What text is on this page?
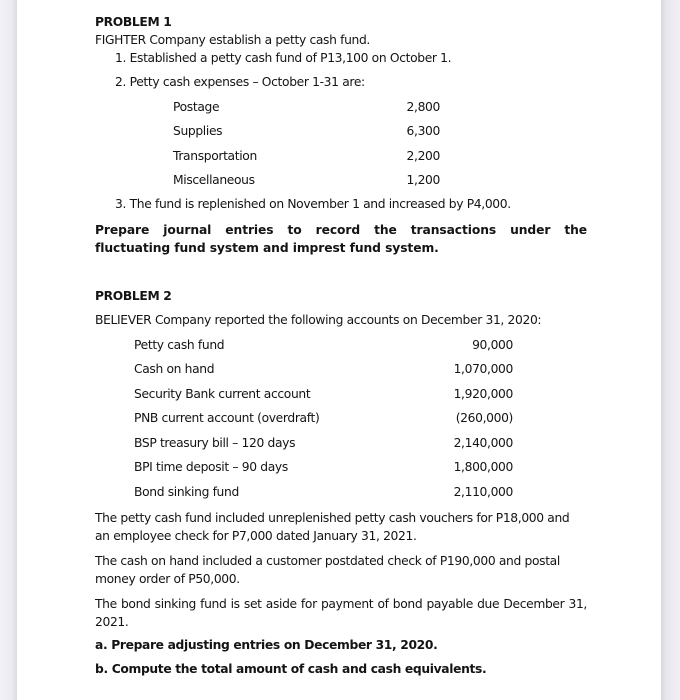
PROBLEM 1
FIGHTER Company establish a petty cash fund.
1. Established a petty cash fund of P13,100 on October 1.
2. Petty cash expenses – October 1-31 are:
Postage	2,800
Supplies	6,300
Transportation	2,200
Miscellaneous	1,200
3. The fund is replenished on November 1 and increased by P4,000.
Prepare journal entries to record the transactions under the fluctuating fund system and imprest fund system.
PROBLEM 2
BELIEVER Company reported the following accounts on December 31, 2020:
Petty cash fund	90,000
Cash on hand	1,070,000
Security Bank current account	1,920,000
PNB current account (overdraft)	(260,000)
BSP treasury bill – 120 days	2,140,000
BPI time deposit – 90 days	1,800,000
Bond sinking fund	2,110,000
The petty cash fund included unreplenished petty cash vouchers for P18,000 and an employee check for P7,000 dated January 31, 2021.
The cash on hand included a customer postdated check of P190,000 and postal money order of P50,000.
The bond sinking fund is set aside for payment of bond payable due December 31, 2021.
a. Prepare adjusting entries on December 31, 2020.
b. Compute the total amount of cash and cash equivalents.
